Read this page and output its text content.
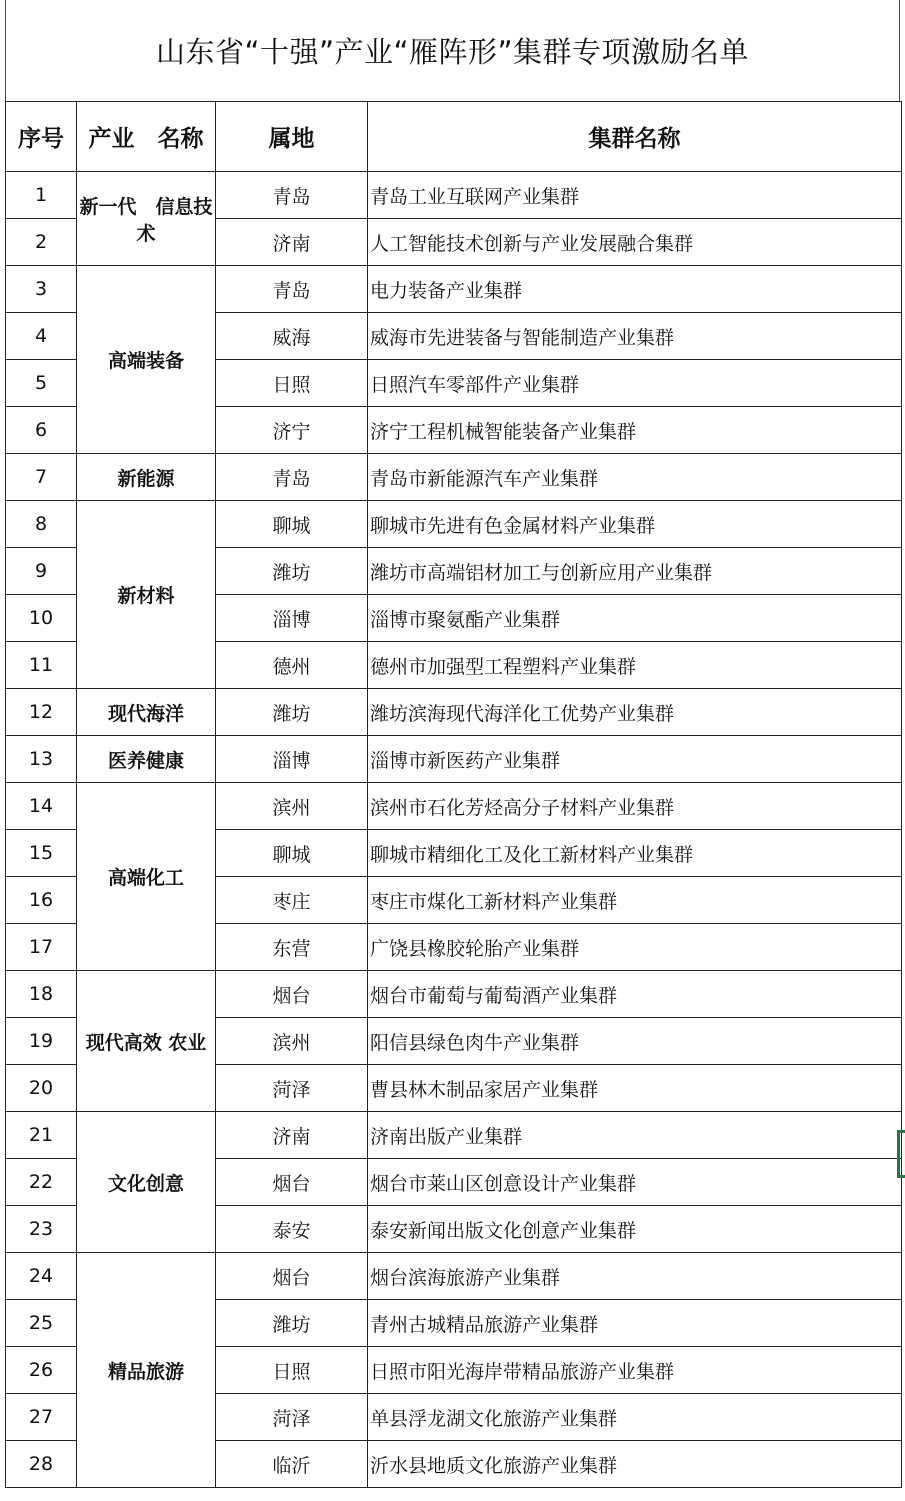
山东省“十强”产业“雁阵形”集群专项激励名单
序号	产业　名称	属地	集群名称
1	新一代　信息技术	青岛	青岛工业互联网产业集群
2		济南	人工智能技术创新与产业发展融合集群
3	高端装备	青岛	电力装备产业集群
4		威海	威海市先进装备与智能制造产业集群
5		日照	日照汽车零部件产业集群
6		济宁	济宁工程机械智能装备产业集群
7	新能源	青岛	青岛市新能源汽车产业集群
8	新材料	聊城	聊城市先进有色金属材料产业集群
9		潍坊	潍坊市高端铝材加工与创新应用产业集群
10		淄博	淄博市聚氨酯产业集群
11		德州	德州市加强型工程塑料产业集群
12	现代海洋	潍坊	潍坊滨海现代海洋化工优势产业集群
13	医养健康	淄博	淄博市新医药产业集群
14	高端化工	滨州	滨州市石化芳烃高分子材料产业集群
15		聊城	聊城市精细化工及化工新材料产业集群
16		枣庄	枣庄市煤化工新材料产业集群
17		东营	广饶县橡胶轮胎产业集群
18	现代高效 农业	烟台	烟台市葡萄与葡萄酒产业集群
19		滨州	阳信县绿色肉牛产业集群
20		菏泽	曹县林木制品家居产业集群
21	文化创意	济南	济南出版产业集群
22		烟台	烟台市莱山区创意设计产业集群
23		泰安	泰安新闻出版文化创意产业集群
24	精品旅游	烟台	烟台滨海旅游产业集群
25		潍坊	青州古城精品旅游产业集群
26		日照	日照市阳光海岸带精品旅游产业集群
27		菏泽	单县浮龙湖文化旅游产业集群
28		临沂	沂水县地质文化旅游产业集群
